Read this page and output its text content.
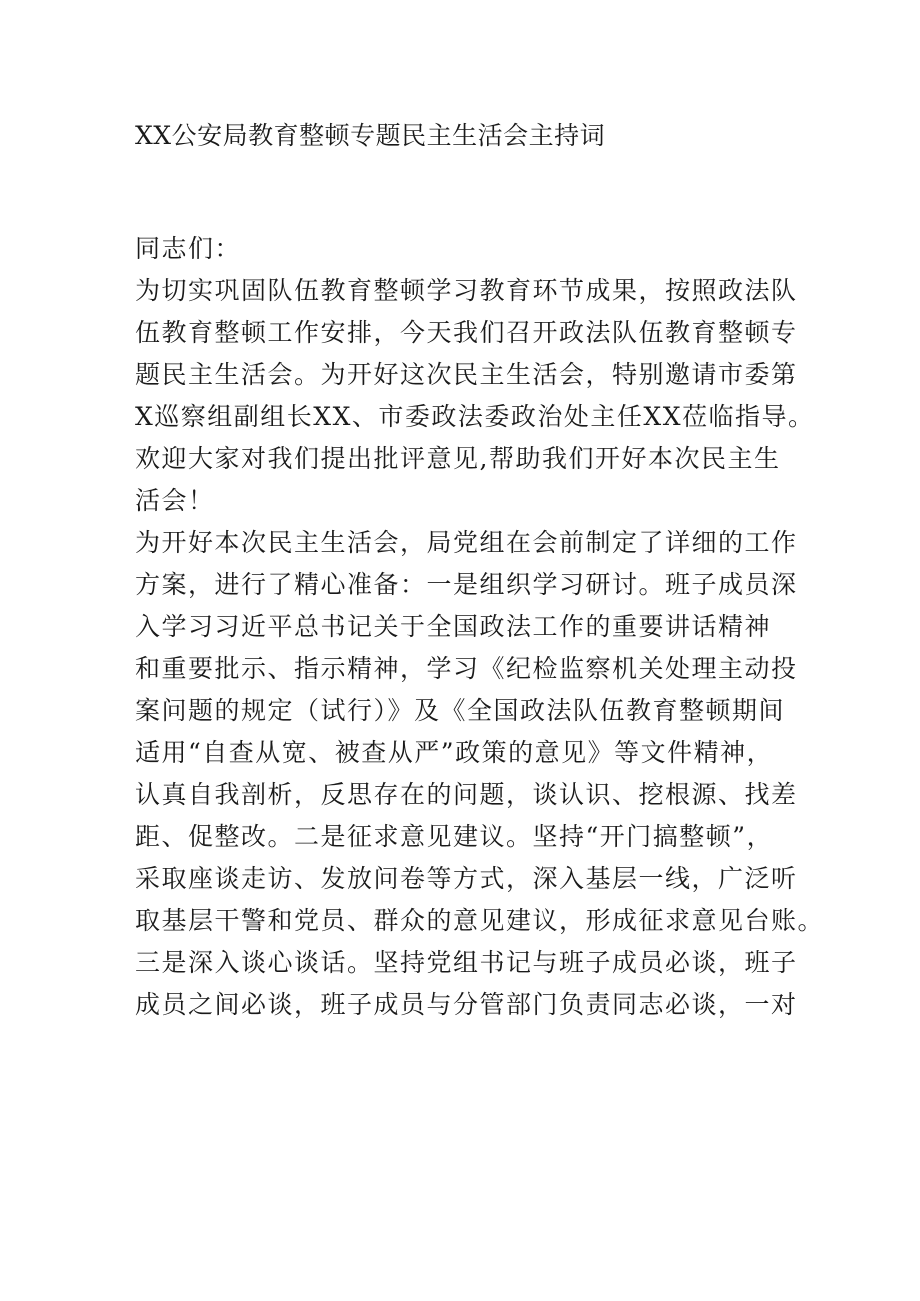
XX公安局教育整顿专题民主生活会主持词
同志们：
为切实巩固队伍教育整顿学习教育环节成果，按照政法队
伍教育整顿工作安排，今天我们召开政法队伍教育整顿专
题民主生活会。为开好这次民主生活会，特别邀请市委第
X巡察组副组长XX、市委政法委政治处主任XX莅临指导。
欢迎大家对我们提出批评意见,帮助我们开好本次民主生
活会！
为开好本次民主生活会，局党组在会前制定了详细的工作
方案，进行了精心准备：一是组织学习研讨。班子成员深
入学习习近平总书记关于全国政法工作的重要讲话精神
和重要批示、指示精神，学习《纪检监察机关处理主动投
案问题的规定（试行）》及《全国政法队伍教育整顿期间
适用“自查从宽、被查从严”政策的意见》等文件精神，
认真自我剖析，反思存在的问题，谈认识、挖根源、找差
距、促整改。二是征求意见建议。坚持“开门搞整顿”，
采取座谈走访、发放问卷等方式，深入基层一线，广泛听
取基层干警和党员、群众的意见建议，形成征求意见台账。
三是深入谈心谈话。坚持党组书记与班子成员必谈，班子
成员之间必谈，班子成员与分管部门负责同志必谈，一对
